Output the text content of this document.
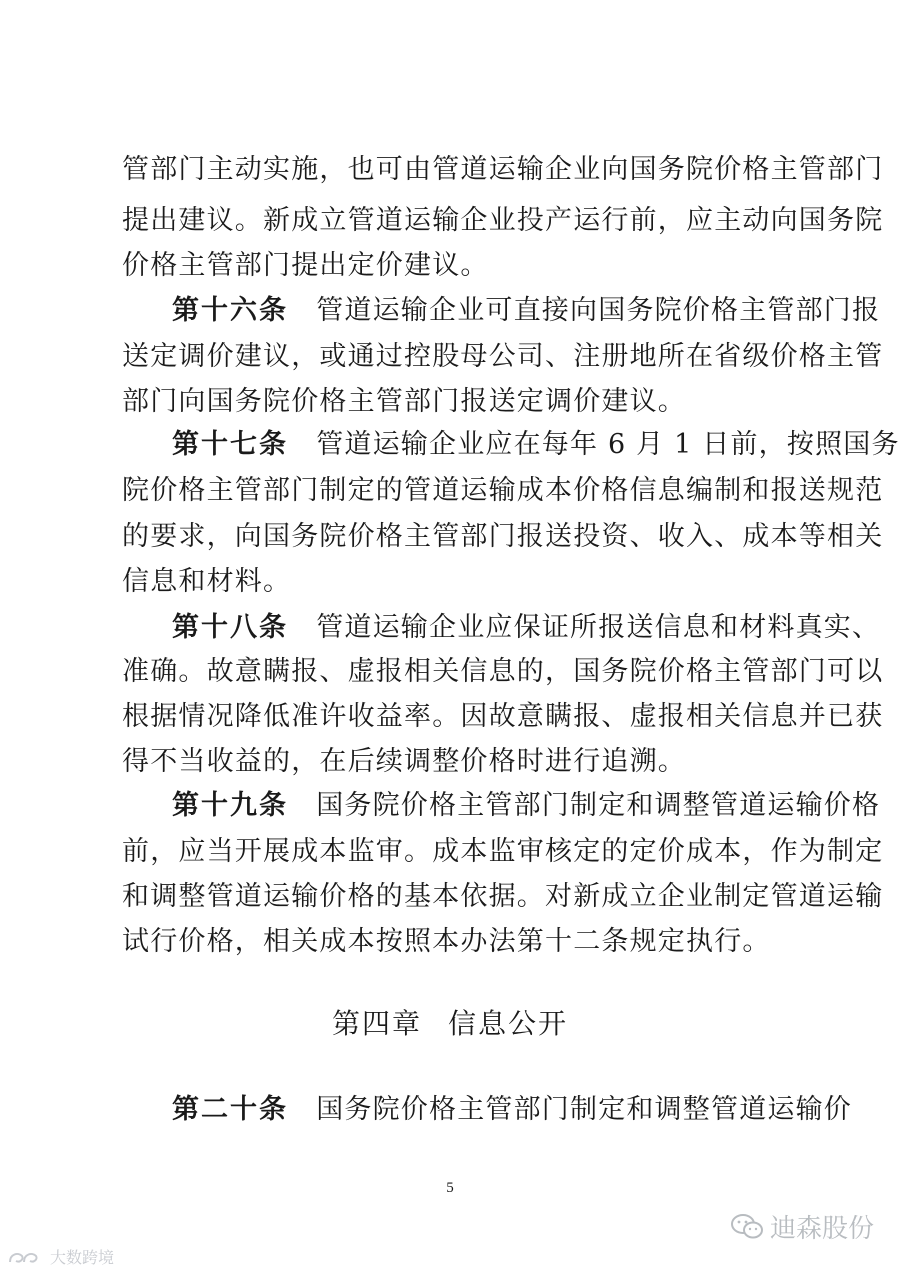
管部门主动实施，也可由管道运输企业向国务院价格主管部门
提出建议。新成立管道运输企业投产运行前，应主动向国务院
价格主管部门提出定价建议。
第十六条　管道运输企业可直接向国务院价格主管部门报
送定调价建议，或通过控股母公司、注册地所在省级价格主管
部门向国务院价格主管部门报送定调价建议。
第十七条　管道运输企业应在每年 6 月 1 日前，按照国务
院价格主管部门制定的管道运输成本价格信息编制和报送规范
的要求，向国务院价格主管部门报送投资、收入、成本等相关
信息和材料。
第十八条　管道运输企业应保证所报送信息和材料真实、
准确。故意瞒报、虚报相关信息的，国务院价格主管部门可以
根据情况降低准许收益率。因故意瞒报、虚报相关信息并已获
得不当收益的，在后续调整价格时进行追溯。
第十九条　国务院价格主管部门制定和调整管道运输价格
前，应当开展成本监审。成本监审核定的定价成本，作为制定
和调整管道运输价格的基本依据。对新成立企业制定管道运输
试行价格，相关成本按照本办法第十二条规定执行。
第四章 信息公开
第二十条　国务院价格主管部门制定和调整管道运输价
5
迪森股份
大数跨境
